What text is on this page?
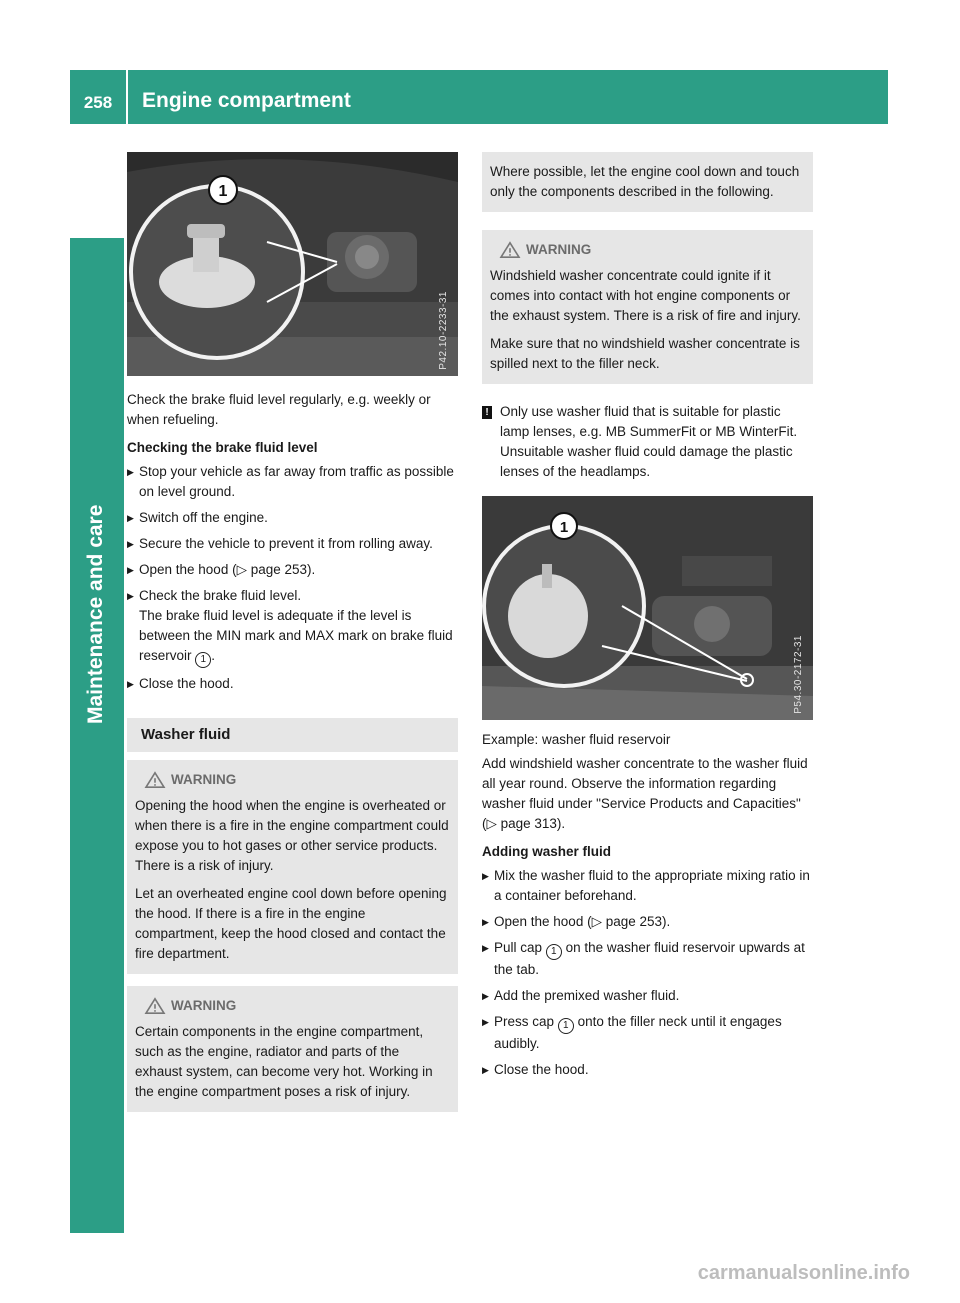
258	Engine compartment
Maintenance and care
1
P42.10-2233-31

Check the brake fluid level regularly, e.g. weekly or when refueling.

Checking the brake fluid level

▶ Stop your vehicle as far away from traffic as possible on level ground.
▶ Switch off the engine.
▶ Secure the vehicle to prevent it from rolling away.
▶ Open the hood (▷ page 253).
▶ Check the brake fluid level.
The brake fluid level is adequate if the level is between the MIN mark and MAX mark on brake fluid reservoir 1 .
▶ Close the hood.
Washer fluid
WARNING

Opening the hood when the engine is overheated or when there is a fire in the engine compartment could expose you to hot gases or other service products. There is a risk of injury.

Let an overheated engine cool down before opening the hood. If there is a fire in the engine compartment, keep the hood closed and contact the fire department.

WARNING

Certain components in the engine compartment, such as the engine, radiator and parts of the exhaust system, can become very hot. Working in the engine compartment poses a risk of injury.

Where possible, let the engine cool down and touch only the components described in the following.

WARNING

Windshield washer concentrate could ignite if it comes into contact with hot engine components or the exhaust system. There is a risk of fire and injury.

Make sure that no windshield washer concentrate is spilled next to the filler neck.

! Only use washer fluid that is suitable for plastic lamp lenses, e.g. MB SummerFit or MB WinterFit. Unsuitable washer fluid could damage the plastic lenses of the headlamps.
1
P54.30-2172-31

Example: washer fluid reservoir

Add windshield washer concentrate to the washer fluid all year round. Observe the information regarding washer fluid under "Service Products and Capacities" (▷ page 313).

Adding washer fluid

▶ Mix the washer fluid to the appropriate mixing ratio in a container beforehand.
▶ Open the hood (▷ page 253).
▶ Pull cap 1 on the washer fluid reservoir upwards at the tab.
▶ Add the premixed washer fluid.
▶ Press cap 1 onto the filler neck until it engages audibly.
▶ Close the hood.
carmanualsonline.info
